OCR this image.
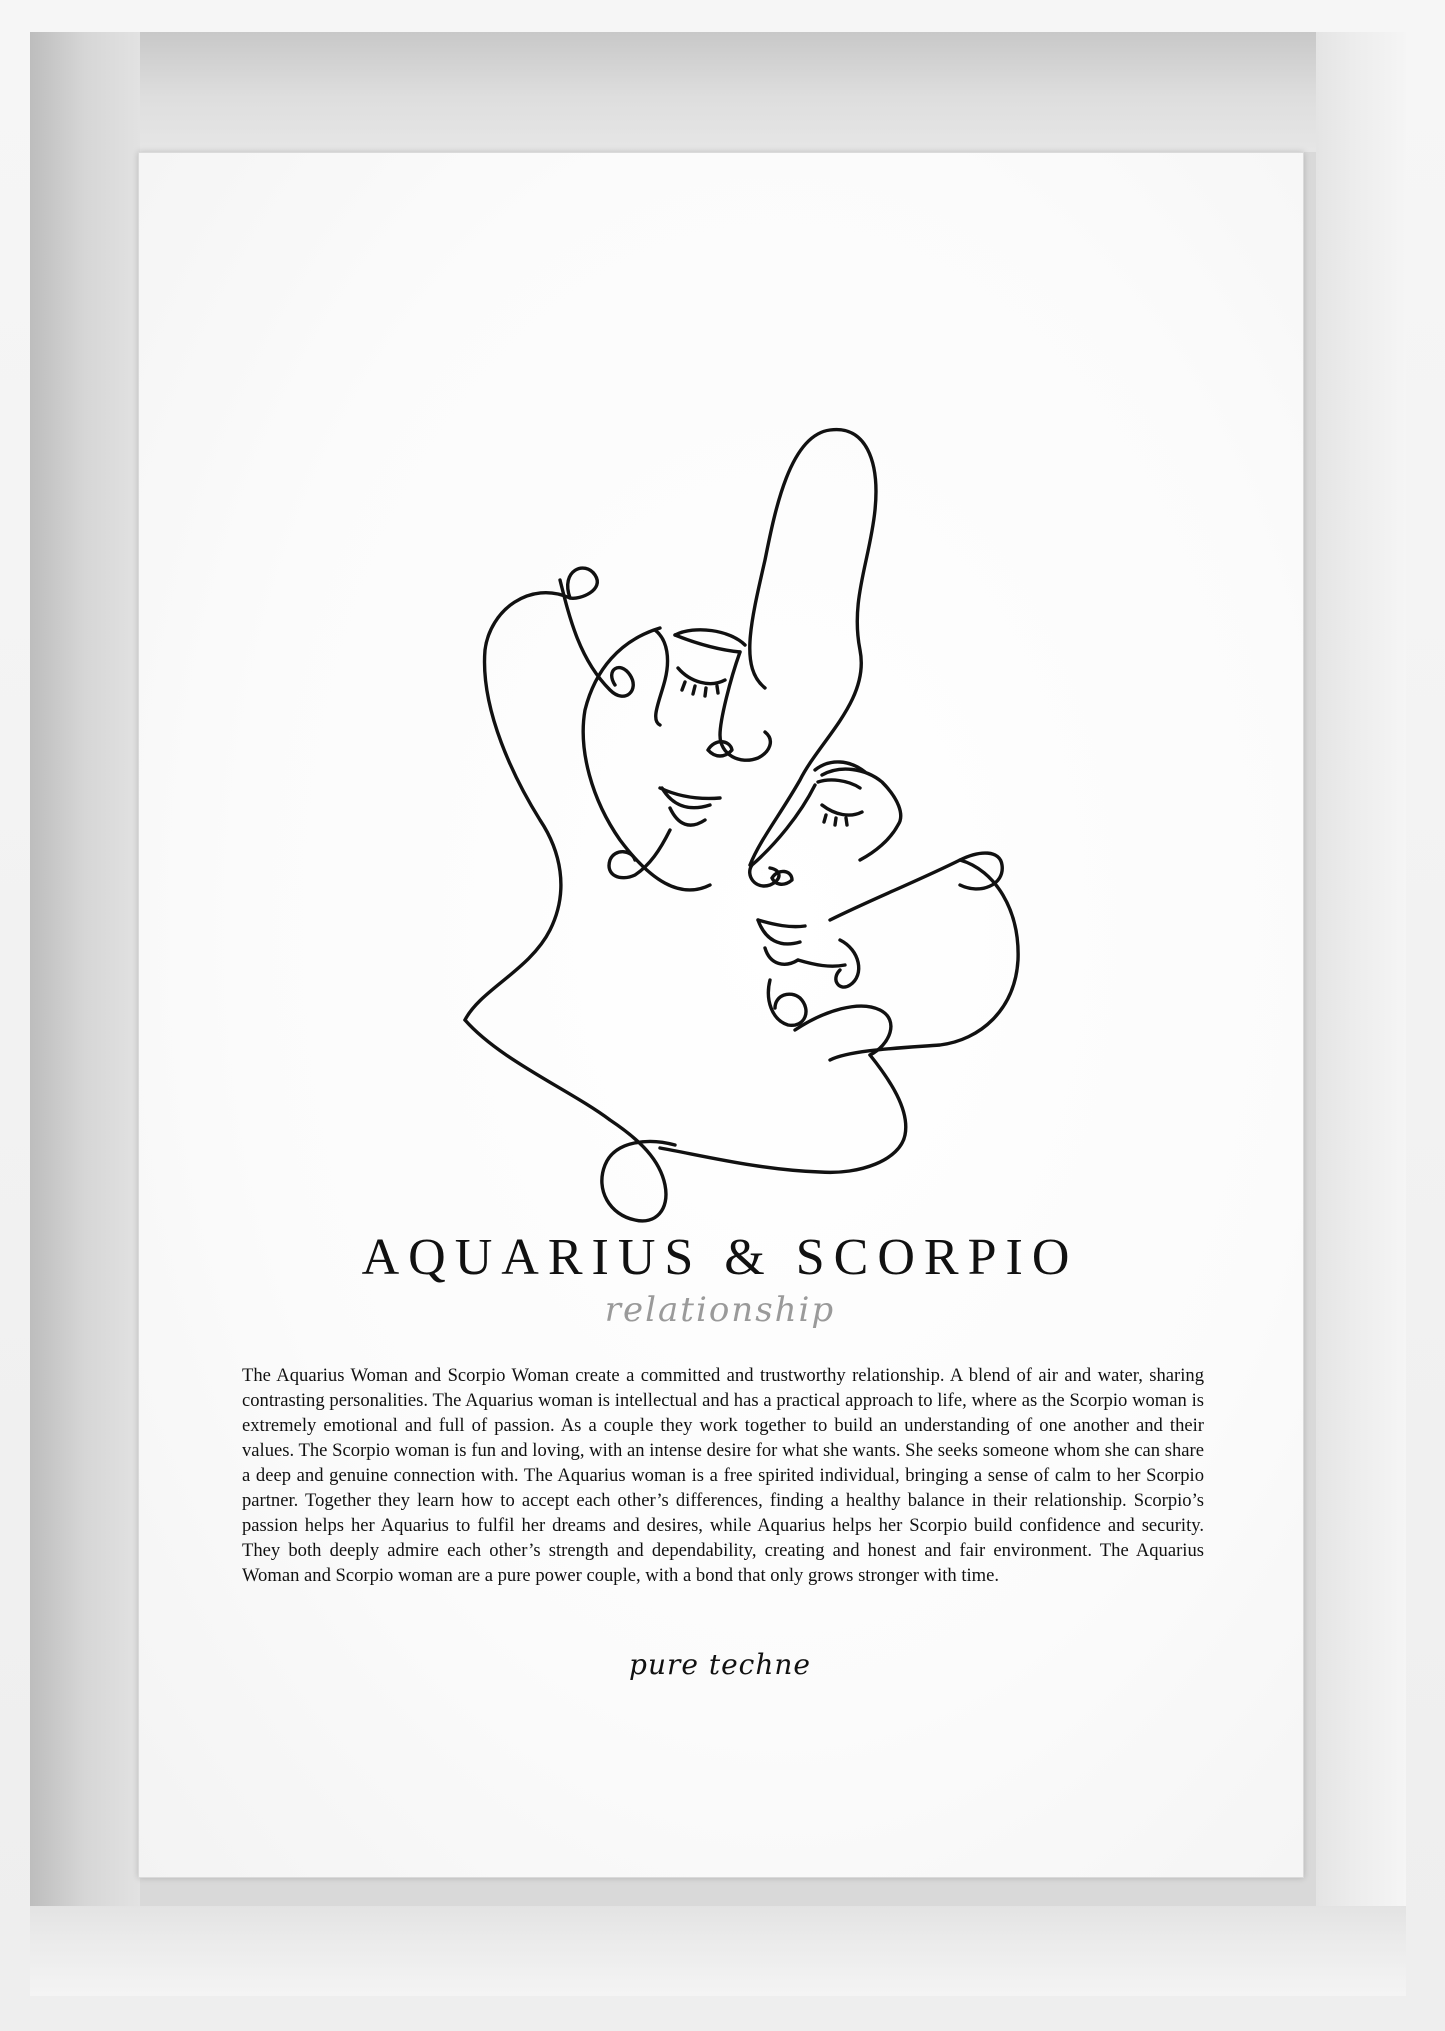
AQUARIUS & SCORPIO
relationship

The Aquarius Woman and Scorpio Woman create a committed and trustworthy relationship. A blend of air and water, sharing contrasting personalities. The Aquarius woman is intellectual and has a practical approach to life, where as the Scorpio woman is extremely emotional and full of passion. As a couple they work together to build an understanding of one another and their values. The Scorpio woman is fun and loving, with an intense desire for what she wants. She seeks someone whom she can share a deep and genuine connection with. The Aquarius woman is a free spirited individual, bringing a sense of calm to her Scorpio partner. Together they learn how to accept each other’s differences, finding a healthy balance in their relationship. Scorpio’s passion helps her Aquarius to fulfil her dreams and desires, while Aquarius helps her Scorpio build confidence and security. They both deeply admire each other’s strength and dependability, creating and honest and fair environment. The Aquarius Woman and Scorpio woman are a pure power couple, with a bond that only grows stronger with time.

pure techne
